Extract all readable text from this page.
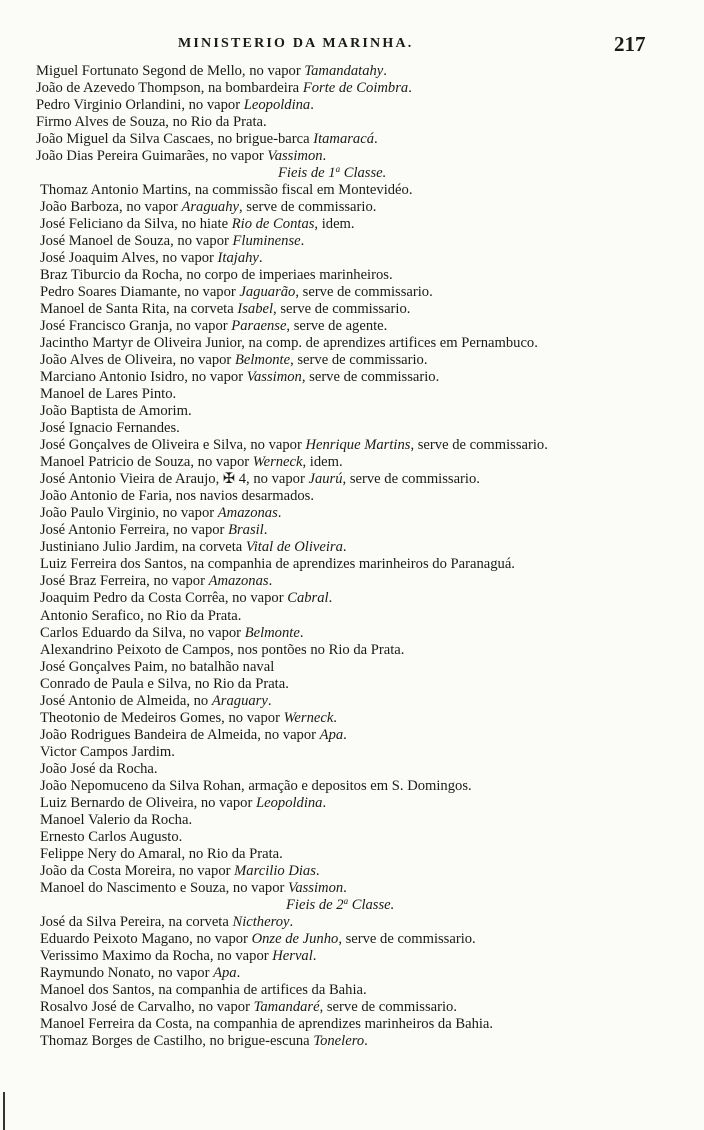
MINISTERIO DA MARINHA.	217
Miguel Fortunato Segond de Mello, no vapor Tamandatahy.
João de Azevedo Thompson, na bombardeira Forte de Coimbra.
Pedro Virginio Orlandini, no vapor Leopoldina.
Firmo Alves de Souza, no Rio da Prata.
João Miguel da Silva Cascaes, no brigue-barca Itamaracá.
João Dias Pereira Guimarães, no vapor Vassimon.
Fieis de 1$^a$ Classe.
Thomaz Antonio Martins, na commissão fiscal em Montevidéo.
João Barboza, no vapor Araguahy, serve de commissario.
José Feliciano da Silva, no hiate Rio de Contas, idem.
José Manoel de Souza, no vapor Fluminense.
José Joaquim Alves, no vapor Itajahy.
Braz Tiburcio da Rocha, no corpo de imperiaes marinheiros.
Pedro Soares Diamante, no vapor Jaguarão, serve de commissario.
Manoel de Santa Rita, na corveta Isabel, serve de commissario.
José Francisco Granja, no vapor Paraense, serve de agente.
Jacintho Martyr de Oliveira Junior, na comp. de aprendizes artifices em Pernambuco.
João Alves de Oliveira, no vapor Belmonte, serve de commissario.
Marciano Antonio Isidro, no vapor Vassimon, serve de commissario.
Manoel de Lares Pinto.
João Baptista de Amorim.
José Ignacio Fernandes.
José Gonçalves de Oliveira e Silva, no vapor Henrique Martins, serve de commissario.
Manoel Patricio de Souza, no vapor Werneck, idem.
José Antonio Vieira de Araujo, ✠ 4, no vapor Jaurú, serve de commissario.
João Antonio de Faria, nos navios desarmados.
João Paulo Virginio, no vapor Amazonas.
José Antonio Ferreira, no vapor Brasil.
Justiniano Julio Jardim, na corveta Vital de Oliveira.
Luiz Ferreira dos Santos, na companhia de aprendizes marinheiros do Paranaguá.
José Braz Ferreira, no vapor Amazonas.
Joaquim Pedro da Costa Corrêa, no vapor Cabral.
Antonio Serafico, no Rio da Prata.
Carlos Eduardo da Silva, no vapor Belmonte.
Alexandrino Peixoto de Campos, nos pontões no Rio da Prata.
José Gonçalves Paim, no batalhão naval
Conrado de Paula e Silva, no Rio da Prata.
José Antonio de Almeida, no Araguary.
Theotonio de Medeiros Gomes, no vapor Werneck.
João Rodrigues Bandeira de Almeida, no vapor Apa.
Victor Campos Jardim.
João José da Rocha.
João Nepomuceno da Silva Rohan, armação e depositos em S. Domingos.
Luiz Bernardo de Oliveira, no vapor Leopoldina.
Manoel Valerio da Rocha.
Ernesto Carlos Augusto.
Felippe Nery do Amaral, no Rio da Prata.
João da Costa Moreira, no vapor Marcilio Dias.
Manoel do Nascimento e Souza, no vapor Vassimon.
Fieis de 2$^a$ Classe.
José da Silva Pereira, na corveta Nictheroy.
Eduardo Peixoto Magano, no vapor Onze de Junho, serve de commissario.
Verissimo Maximo da Rocha, no vapor Herval.
Raymundo Nonato, no vapor Apa.
Manoel dos Santos, na companhia de artifices da Bahia.
Rosalvo José de Carvalho, no vapor Tamandaré, serve de commissario.
Manoel Ferreira da Costa, na companhia de aprendizes marinheiros da Bahia.
Thomaz Borges de Castilho, no brigue-escuna Tonelero.
